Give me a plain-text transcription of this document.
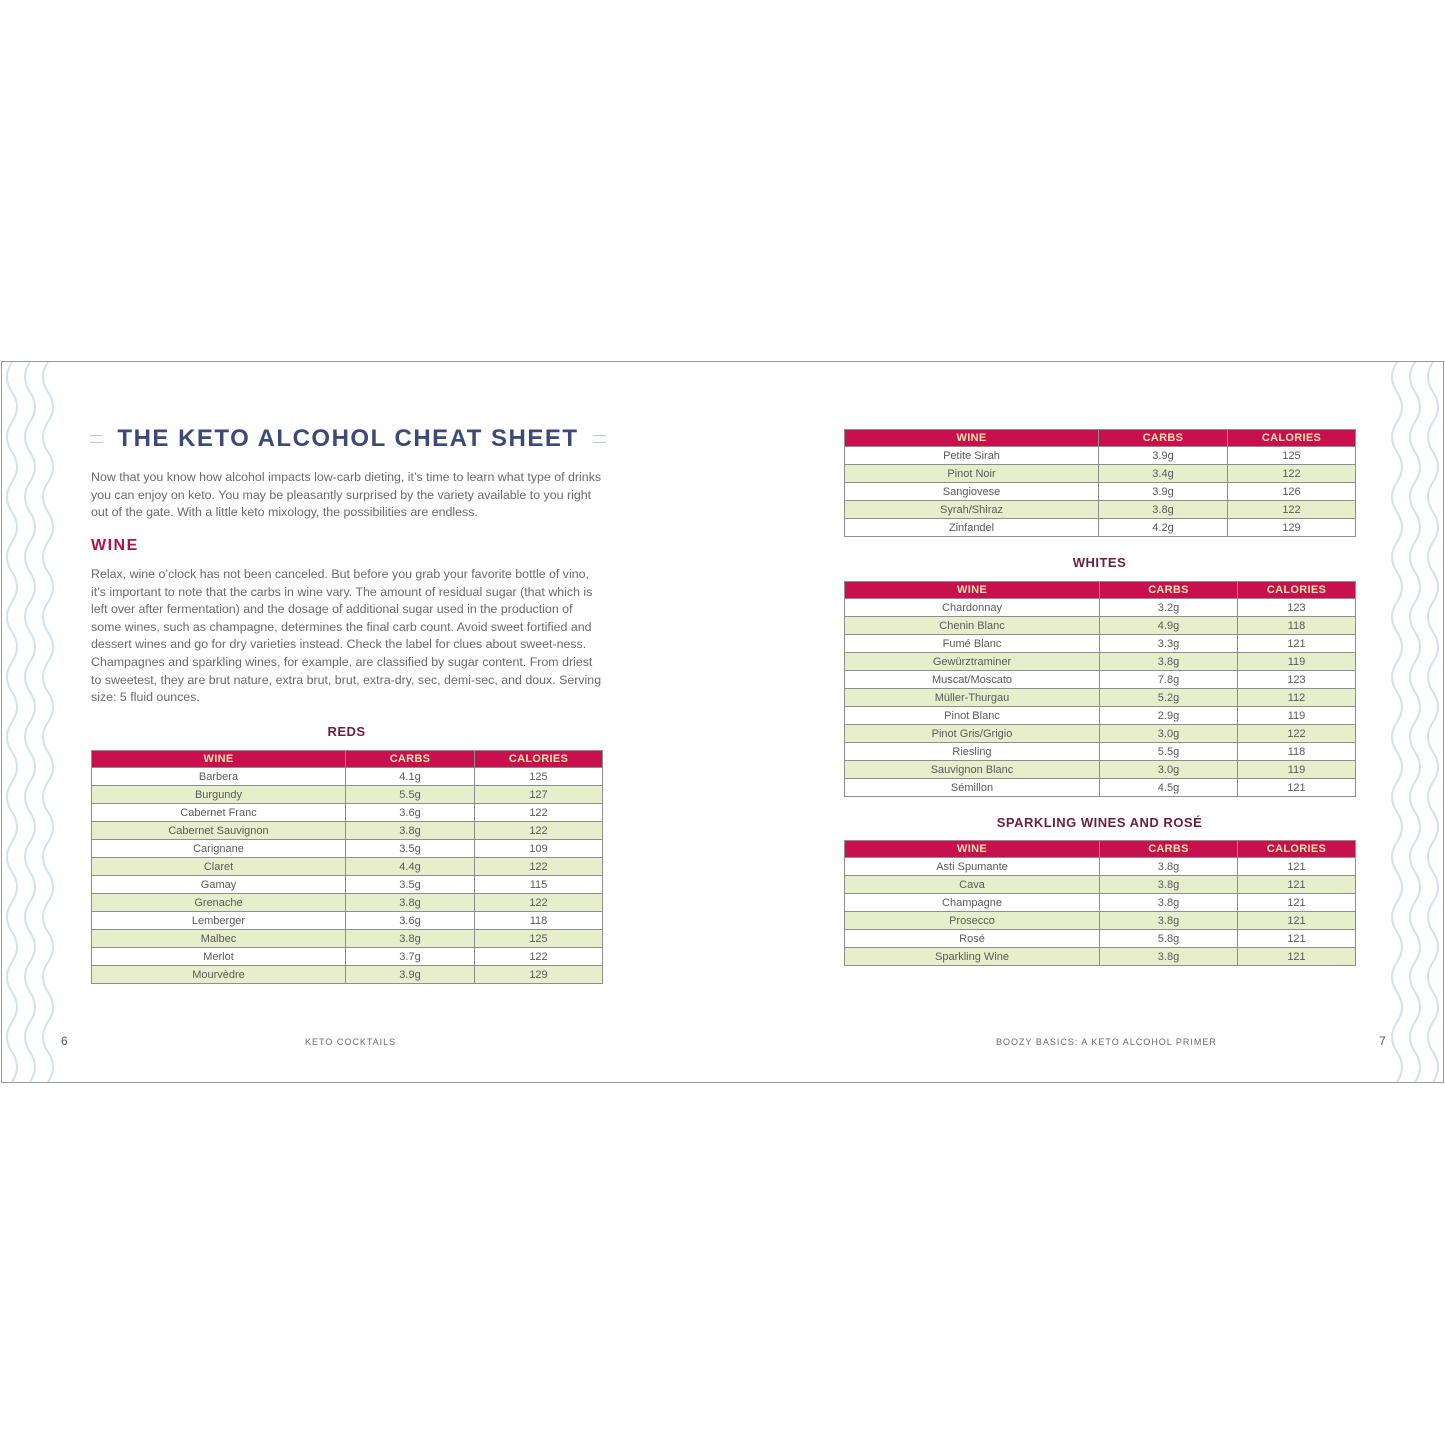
THE KETO ALCOHOL CHEAT SHEET

Now that you know how alcohol impacts low-carb dieting, it’s time to learn what type of drinks you can enjoy on keto. You may be pleasantly surprised by the variety available to you right out of the gate. With a little keto mixology, the possibilities are endless.

WINE

Relax, wine o’clock has not been canceled. But before you grab your favorite bottle of vino, it’s important to note that the carbs in wine vary. The amount of residual sugar (that which is left over after fermentation) and the dosage of additional sugar used in the production of some wines, such as champagne, determines the final carb count. Avoid sweet fortified and dessert wines and go for dry varieties instead. Check the label for clues about sweet-ness. Champagnes and sparkling wines, for example, are classified by sugar content. From driest to sweetest, they are brut nature, extra brut, brut, extra-dry, sec, demi-sec, and doux. Serving size: 5 fluid ounces.

REDS
WINE	CARBS	CALORIES
Barbera	4.1g	125
Burgundy	5.5g	127
Cabernet Franc	3.6g	122
Cabernet Sauvignon	3.8g	122
Carignane	3.5g	109
Claret	4.4g	122
Gamay	3.5g	115
Grenache	3.8g	122
Lemberger	3.6g	118
Malbec	3.8g	125
Merlot	3.7g	122
Mourvèdre	3.9g	129
6	KETO COCKTAILS
WINE	CARBS	CALORIES
Petite Sirah	3.9g	125
Pinot Noir	3.4g	122
Sangiovese	3.9g	126
Syrah/Shiraz	3.8g	122
Zinfandel	4.2g	129
WHITES
WINE	CARBS	CALORIES
Chardonnay	3.2g	123
Chenin Blanc	4.9g	118
Fumé Blanc	3.3g	121
Gewürztraminer	3.8g	119
Muscat/Moscato	7.8g	123
Müller-Thurgau	5.2g	112
Pinot Blanc	2.9g	119
Pinot Gris/Grigio	3.0g	122
Riesling	5.5g	118
Sauvignon Blanc	3.0g	119
Sémillon	4.5g	121
SPARKLING WINES AND ROSÉ
WINE	CARBS	CALORIES
Asti Spumante	3.8g	121
Cava	3.8g	121
Champagne	3.8g	121
Prosecco	3.8g	121
Rosé	5.8g	121
Sparkling Wine	3.8g	121
BOOZY BASICS: A KETO ALCOHOL PRIMER	7
